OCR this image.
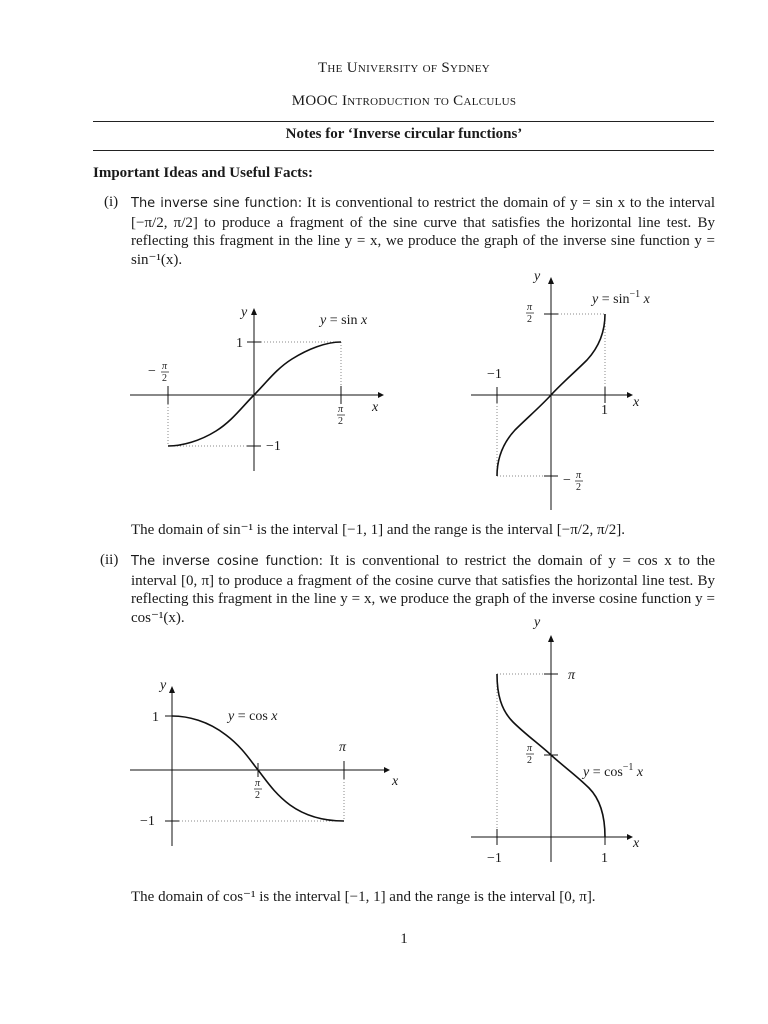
The University of Sydney
MOOC Introduction to Calculus
Notes for ‘Inverse circular functions’
Important Ideas and Useful Facts:
(i) The inverse sine function: It is conventional to restrict the domain of y = sin x to the interval [−π/2, π/2] to produce a fragment of the sine curve that satisfies the horizontal line test. By reflecting this fragment in the line y = x, we produce the graph of the inverse sine function y = sin⁻¹(x).
y = sin x
y
x
1
−1
− π
2
π
2
$y = \sin^{-1} x$
y
x
−1
1
π
2
− π
2
The domain of sin⁻¹ is the interval [−1, 1] and the range is the interval [−π/2, π/2].
(ii) The inverse cosine function: It is conventional to restrict the domain of y = cos x to the interval [0, π] to produce a fragment of the cosine curve that satisfies the horizontal line test. By reflecting this fragment in the line y = x, we produce the graph of the inverse cosine function y = cos⁻¹(x).
y = cos x
y
x
1
−1
π
π
2
$y = \cos^{-1} x$
y
x
π
π
2
−1	1
The domain of cos⁻¹ is the interval [−1, 1] and the range is the interval [0, π].
1
